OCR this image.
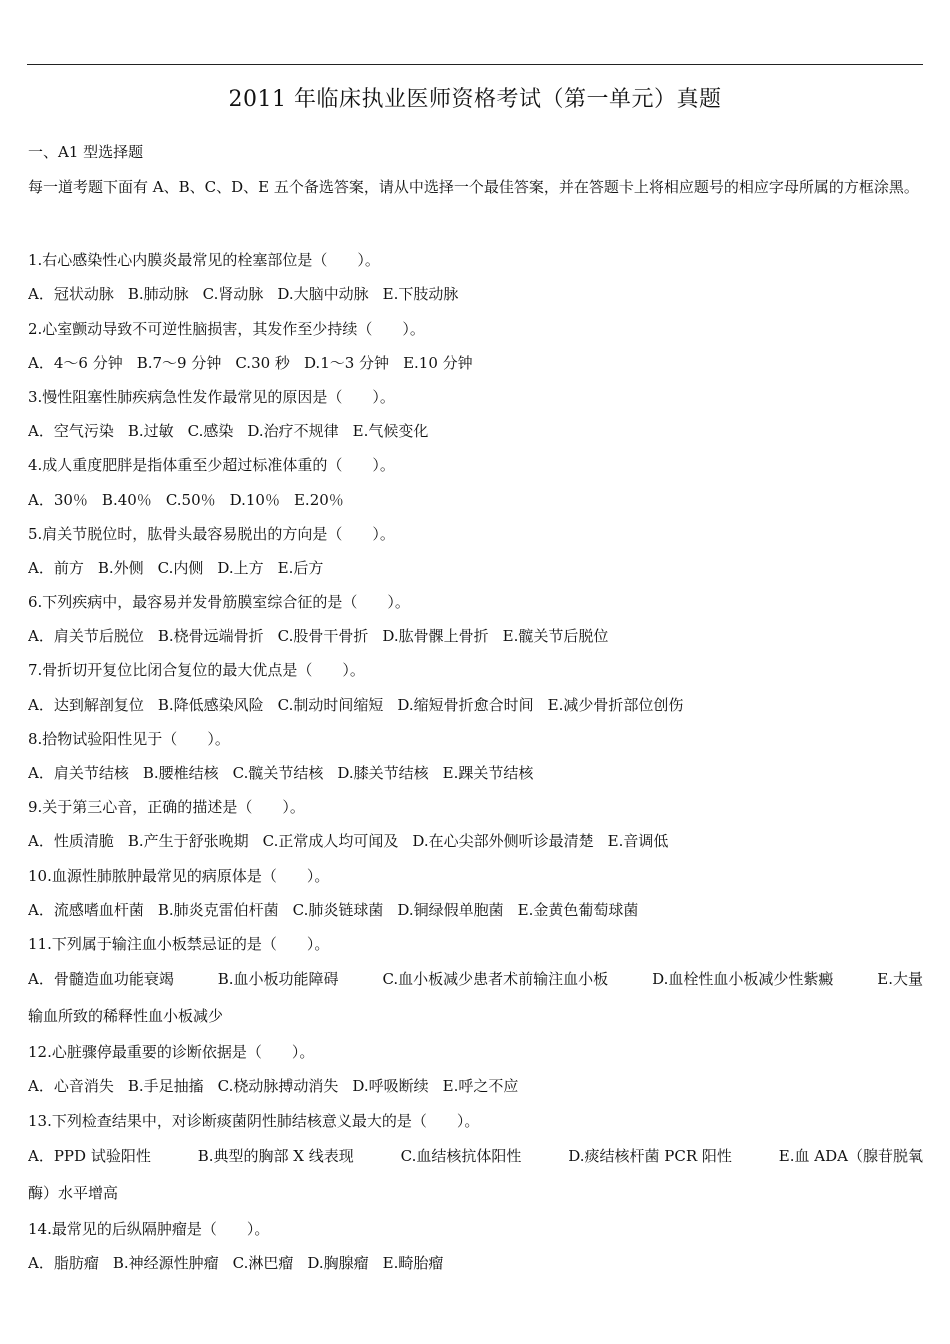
2011 年临床执业医师资格考试（第一单元）真题
一、A1 型选择题
每一道考题下面有 A、B、C、D、E 五个备选答案，请从中选择一个最佳答案，并在答题卡上将相应题号的相应字母所属的方框涂黑。
1.右心感染性心内膜炎最常见的栓塞部位是（　　）。
A．冠状动脉 B.肺动脉 C.肾动脉 D.大脑中动脉 E.下肢动脉
2.心室颤动导致不可逆性脑损害，其发作至少持续（　　）。
A．4～6 分钟 B.7～9 分钟 C.30 秒 D.1～3 分钟 E.10 分钟
3.慢性阻塞性肺疾病急性发作最常见的原因是（　　）。
A．空气污染 B.过敏 C.感染 D.治疗不规律 E.气候变化
4.成人重度肥胖是指体重至少超过标准体重的（　　）。
A．30％ B.40％ C.50％ D.10％ E.20％
5.肩关节脱位时，肱骨头最容易脱出的方向是（　　）。
A．前方 B.外侧 C.内侧 D.上方 E.后方
6.下列疾病中，最容易并发骨筋膜室综合征的是（　　）。
A．肩关节后脱位 B.桡骨远端骨折 C.股骨干骨折 D.肱骨髁上骨折 E.髋关节后脱位
7.骨折切开复位比闭合复位的最大优点是（　　）。
A．达到解剖复位 B.降低感染风险 C.制动时间缩短 D.缩短骨折愈合时间 E.减少骨折部位创伤
8.拾物试验阳性见于（　　）。
A．肩关节结核 B.腰椎结核 C.髋关节结核 D.膝关节结核 E.踝关节结核
9.关于第三心音，正确的描述是（　　）。
A．性质清脆 B.产生于舒张晚期 C.正常成人均可闻及 D.在心尖部外侧听诊最清楚 E.音调低
10.血源性肺脓肿最常见的病原体是（　　）。
A．流感嗜血杆菌 B.肺炎克雷伯杆菌 C.肺炎链球菌 D.铜绿假单胞菌 E.金黄色葡萄球菌
11.下列属于输注血小板禁忌证的是（　　）。
A．骨髓造血功能衰竭	B.血小板功能障碍	C.血小板减少患者术前输注血小板	D.血栓性血小板减少性紫癜	E.大量
输血所致的稀释性血小板减少
12.心脏骤停最重要的诊断依据是（　　）。
A．心音消失 B.手足抽搐 C.桡动脉搏动消失 D.呼吸断续 E.呼之不应
13.下列检查结果中，对诊断痰菌阴性肺结核意义最大的是（　　）。
A．PPD 试验阳性	B.典型的胸部 X 线表现	C.血结核抗体阳性	D.痰结核杆菌 PCR 阳性	E.血 ADA（腺苷脱氧
酶）水平增高
14.最常见的后纵隔肿瘤是（　　）。
A．脂肪瘤 B.神经源性肿瘤 C.淋巴瘤 D.胸腺瘤 E.畸胎瘤
